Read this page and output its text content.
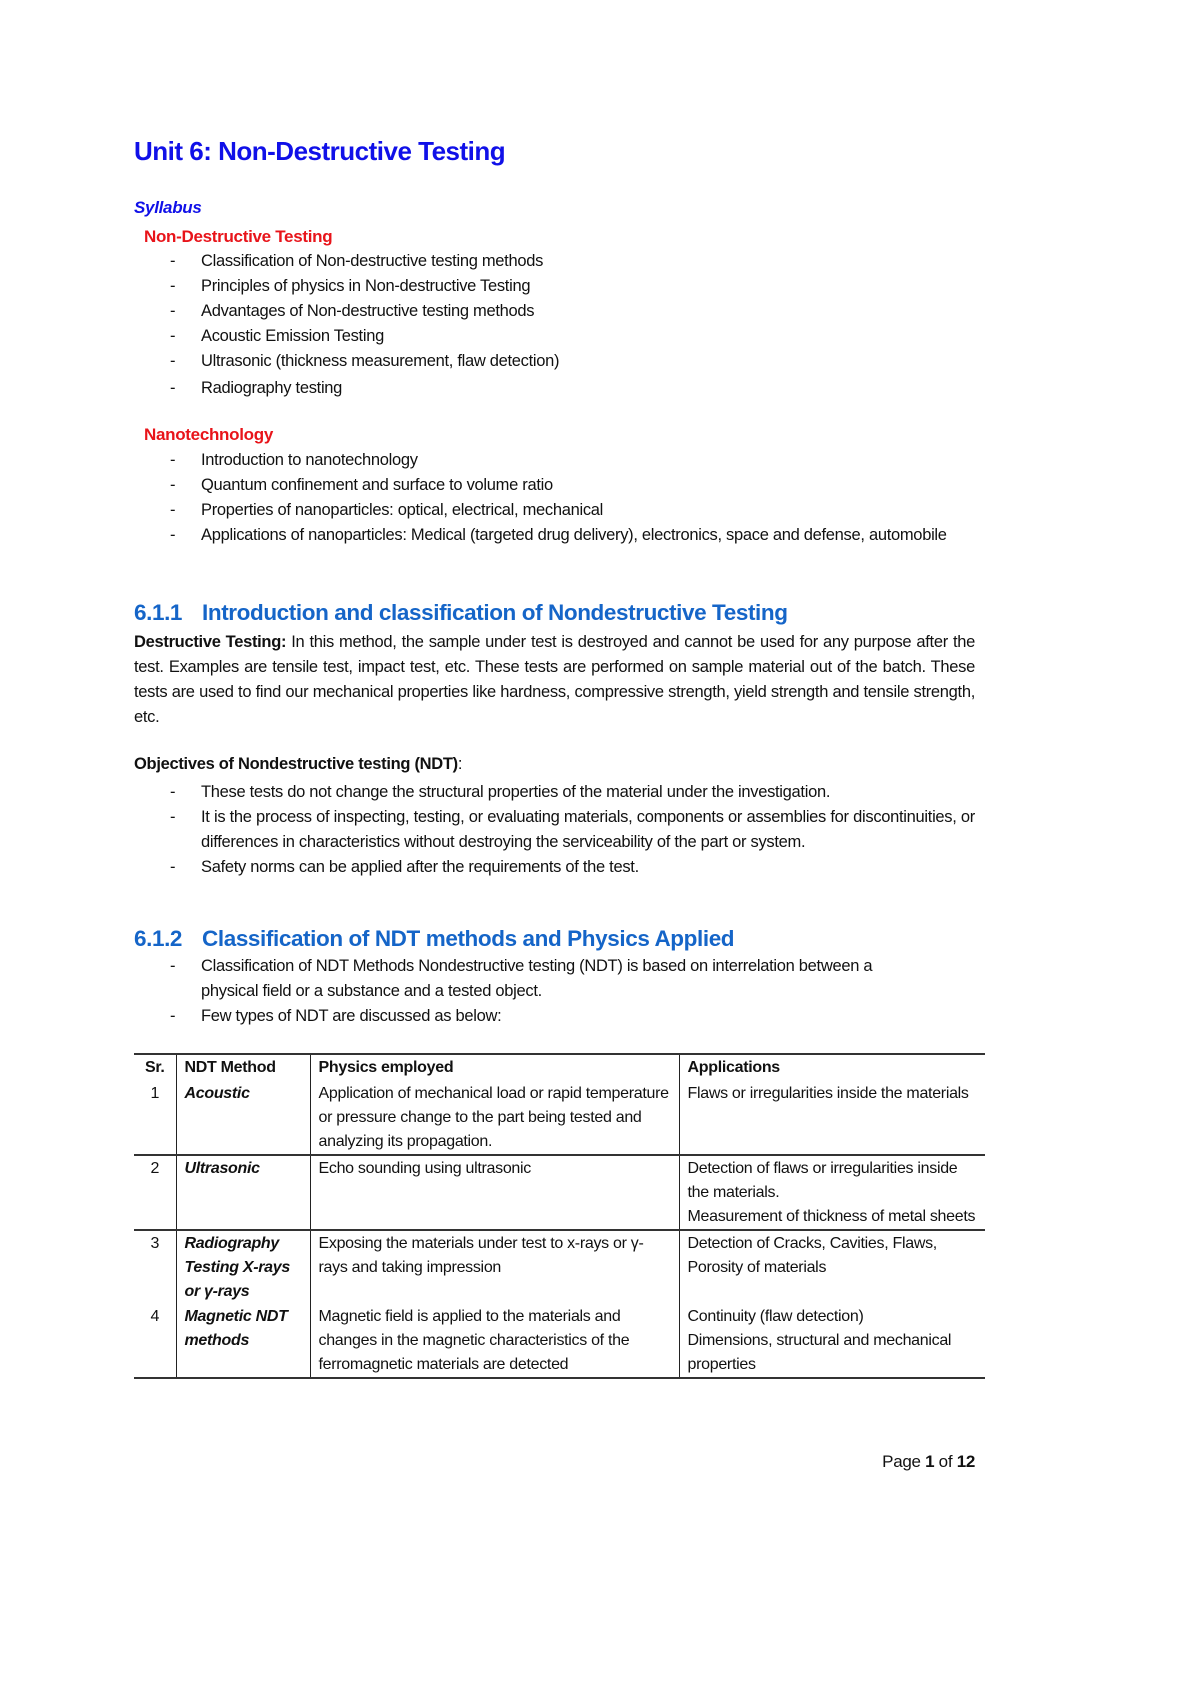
Unit 6: Non-Destructive Testing
Syllabus
Non-Destructive Testing
- Classification of Non-destructive testing methods
- Principles of physics in Non-destructive Testing
- Advantages of Non-destructive testing methods
- Acoustic Emission Testing
- Ultrasonic (thickness measurement, flaw detection)
- Radiography testing
Nanotechnology
- Introduction to nanotechnology
- Quantum confinement and surface to volume ratio
- Properties of nanoparticles: optical, electrical, mechanical
- Applications of nanoparticles: Medical (targeted drug delivery), electronics, space and defense, automobile
6.1.1 Introduction and classification of Nondestructive Testing
Destructive Testing: In this method, the sample under test is destroyed and cannot be used for any purpose after the test. Examples are tensile test, impact test, etc. These tests are performed on sample material out of the batch. These tests are used to find our mechanical properties like hardness, compressive strength, yield strength and tensile strength, etc.
Objectives of Nondestructive testing (NDT):
- These tests do not change the structural properties of the material under the investigation.
- It is the process of inspecting, testing, or evaluating materials, components or assemblies for discontinuities, or differences in characteristics without destroying the serviceability of the part or system.
- Safety norms can be applied after the requirements of the test.
6.1.2 Classification of NDT methods and Physics Applied
- Classification of NDT Methods Nondestructive testing (NDT) is based on interrelation between a physical field or a substance and a tested object.
- Few types of NDT are discussed as below:
Sr.	NDT Method	Physics employed	Applications
1	Acoustic	Application of mechanical load or rapid temperature or pressure change to the part being tested and analyzing its propagation.	Flaws or irregularities inside the materials
2	Ultrasonic	Echo sounding using ultrasonic	Detection of flaws or irregularities inside the materials.
Measurement of thickness of metal sheets

3	Radiography Testing X-rays or γ-rays	Exposing the materials under test to x-rays or γ-rays and taking impression	Detection of Cracks, Cavities, Flaws, Porosity of materials
4	Magnetic NDT methods	Magnetic field is applied to the materials and changes in the magnetic characteristics of the ferromagnetic materials are detected	Continuity (flaw detection)
Dimensions, structural and mechanical properties
Page 1 of 12
